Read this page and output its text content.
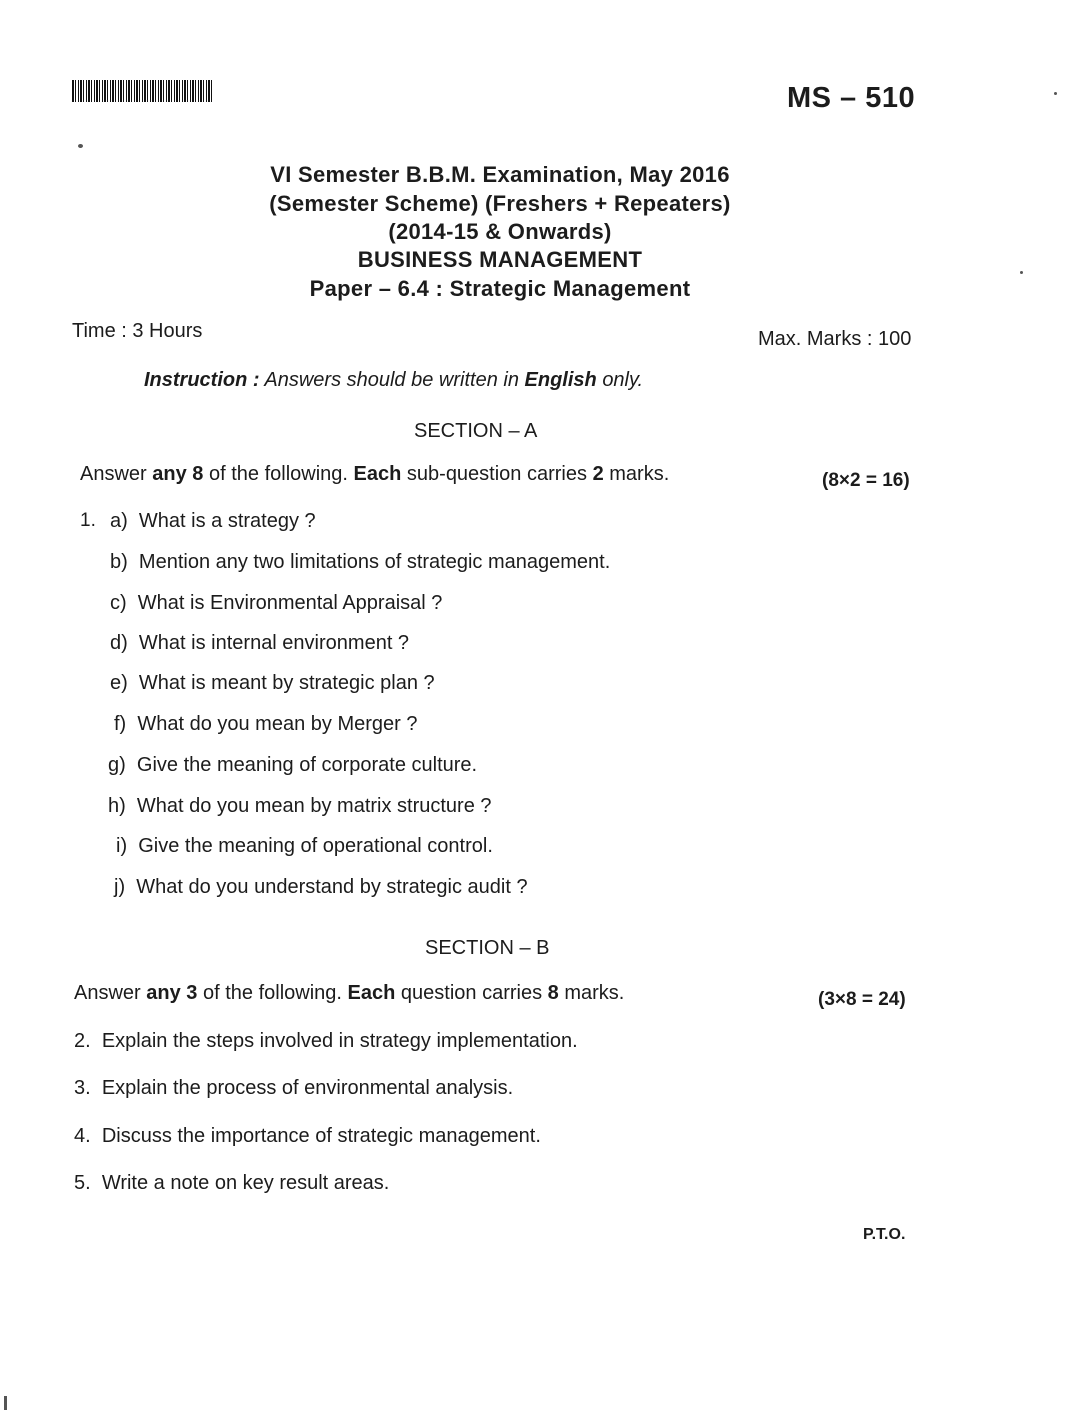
MS – 510
VI Semester B.B.M. Examination, May 2016
(Semester Scheme) (Freshers + Repeaters)
(2014-15 & Onwards)
BUSINESS MANAGEMENT
Paper – 6.4 : Strategic Management
Time : 3 Hours	Max. Marks : 100
Instruction : Answers should be written in English only.
SECTION – A
Answer any 8 of the following. Each sub-question carries 2 marks.	(8×2 = 16)
1. a) What is a strategy ?
b) Mention any two limitations of strategic management.
c) What is Environmental Appraisal ?
d) What is internal environment ?
e) What is meant by strategic plan ?
f) What do you mean by Merger ?
g) Give the meaning of corporate culture.
h) What do you mean by matrix structure ?
i) Give the meaning of operational control.
j) What do you understand by strategic audit ?
SECTION – B
Answer any 3 of the following. Each question carries 8 marks.	(3×8 = 24)
2. Explain the steps involved in strategy implementation.
3. Explain the process of environmental analysis.
4. Discuss the importance of strategic management.
5. Write a note on key result areas.
P.T.O.
